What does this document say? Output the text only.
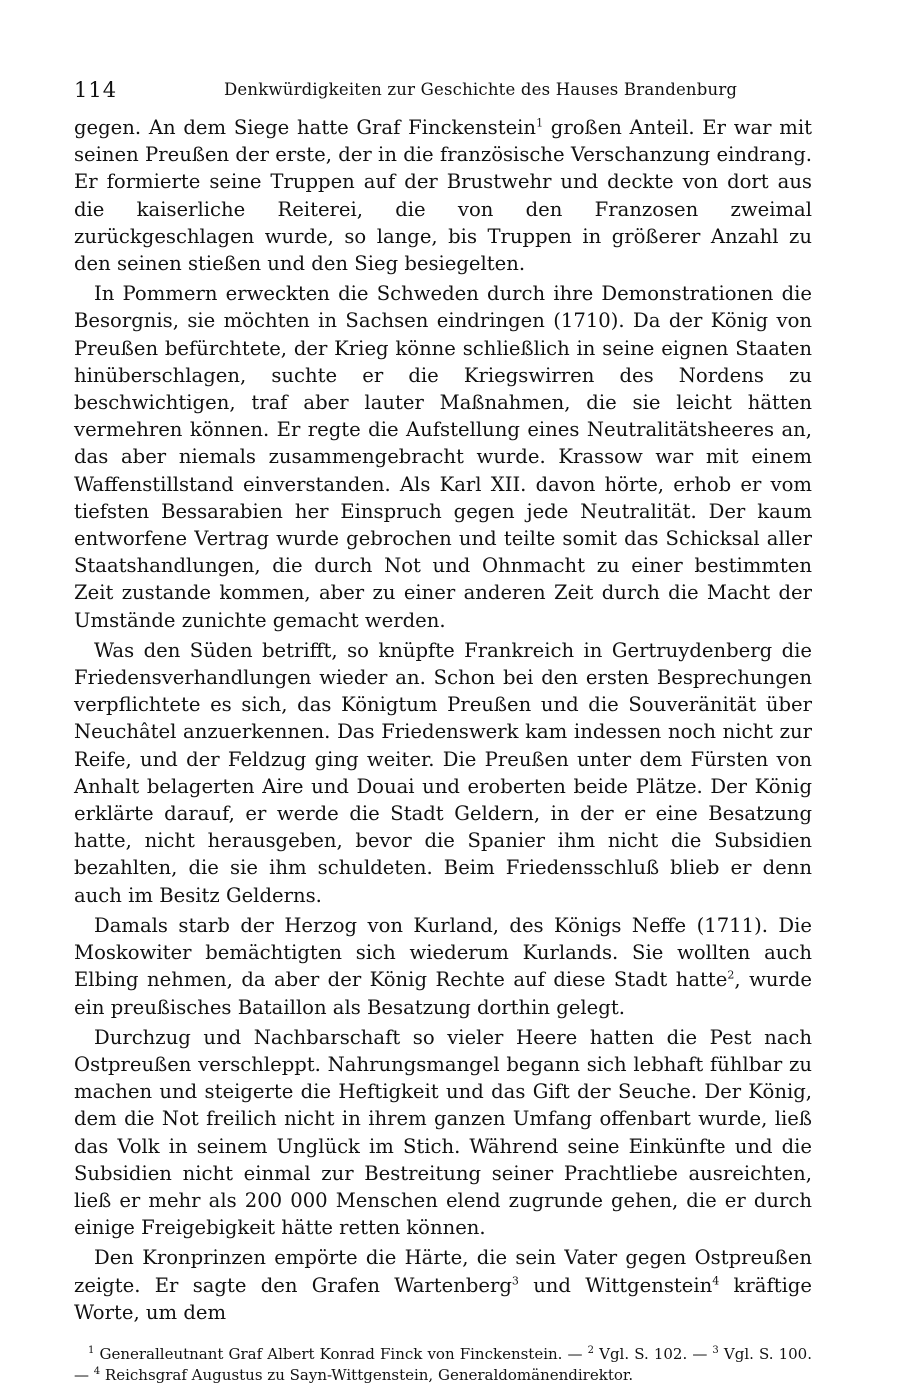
114	Denkwürdigkeiten zur Geschichte des Hauses Brandenburg

gegen. An dem Siege hatte Graf Finckenstein$^1$ großen Anteil. Er war mit seinen Preußen der erste, der in die französische Verschanzung eindrang. Er formierte seine Truppen auf der Brustwehr und deckte von dort aus die kaiserliche Reiterei, die von den Franzosen zweimal zurückgeschlagen wurde, so lange, bis Truppen in größerer Anzahl zu den seinen stießen und den Sieg besiegelten.

In Pommern erweckten die Schweden durch ihre Demonstrationen die Besorgnis, sie möchten in Sachsen eindringen (1710). Da der König von Preußen befürchtete, der Krieg könne schließlich in seine eignen Staaten hinüberschlagen, suchte er die Kriegswirren des Nordens zu beschwichtigen, traf aber lauter Maßnahmen, die sie leicht hätten vermehren können. Er regte die Aufstellung eines Neutralitätsheeres an, das aber niemals zusammengebracht wurde. Krassow war mit einem Waffenstillstand einverstanden. Als Karl XII. davon hörte, erhob er vom tiefsten Bessarabien her Einspruch gegen jede Neutralität. Der kaum entworfene Vertrag wurde gebrochen und teilte somit das Schicksal aller Staatshandlungen, die durch Not und Ohnmacht zu einer bestimmten Zeit zustande kommen, aber zu einer anderen Zeit durch die Macht der Umstände zunichte gemacht werden.

Was den Süden betrifft, so knüpfte Frankreich in Gertruydenberg die Friedensverhandlungen wieder an. Schon bei den ersten Besprechungen verpflichtete es sich, das Königtum Preußen und die Souveränität über Neuchâtel anzuerkennen. Das Friedenswerk kam indessen noch nicht zur Reife, und der Feldzug ging weiter. Die Preußen unter dem Fürsten von Anhalt belagerten Aire und Douai und eroberten beide Plätze. Der König erklärte darauf, er werde die Stadt Geldern, in der er eine Besatzung hatte, nicht herausgeben, bevor die Spanier ihm nicht die Subsidien bezahlten, die sie ihm schuldeten. Beim Friedensschluß blieb er denn auch im Besitz Gelderns.

Damals starb der Herzog von Kurland, des Königs Neffe (1711). Die Moskowiter bemächtigten sich wiederum Kurlands. Sie wollten auch Elbing nehmen, da aber der König Rechte auf diese Stadt hatte$^2$, wurde ein preußisches Bataillon als Besatzung dorthin gelegt.

Durchzug und Nachbarschaft so vieler Heere hatten die Pest nach Ostpreußen verschleppt. Nahrungsmangel begann sich lebhaft fühlbar zu machen und steigerte die Heftigkeit und das Gift der Seuche. Der König, dem die Not freilich nicht in ihrem ganzen Umfang offenbart wurde, ließ das Volk in seinem Unglück im Stich. Während seine Einkünfte und die Subsidien nicht einmal zur Bestreitung seiner Prachtliebe ausreichten, ließ er mehr als 200 000 Menschen elend zugrunde gehen, die er durch einige Freigebigkeit hätte retten können.

Den Kronprinzen empörte die Härte, die sein Vater gegen Ostpreußen zeigte. Er sagte den Grafen Wartenberg$^3$ und Wittgenstein$^4$ kräftige Worte, um dem

$^1$ Generalleutnant Graf Albert Konrad Finck von Finckenstein. — $^2$ Vgl. S. 102. — $^3$ Vgl. S. 100. — $^4$ Reichsgraf Augustus zu Sayn-Wittgenstein, Generaldomänendirektor.
